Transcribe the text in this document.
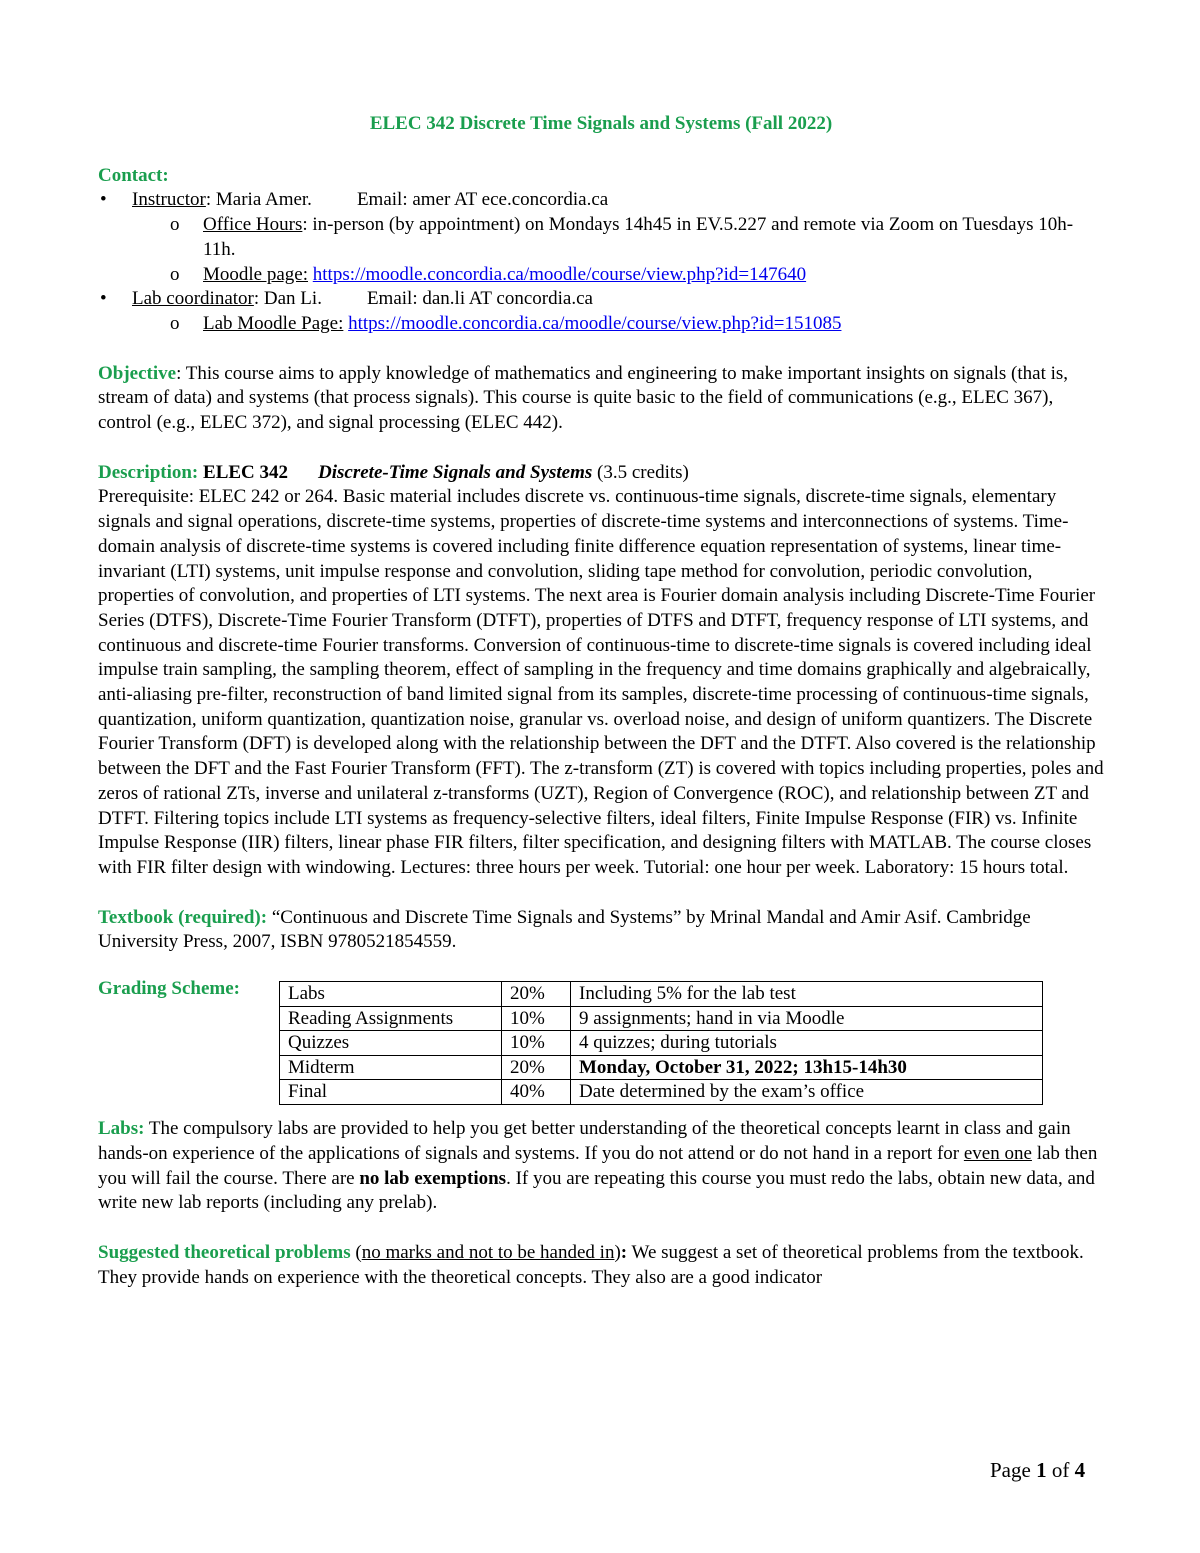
ELEC 342 Discrete Time Signals and Systems (Fall 2022)
Contact:
• Instructor: Maria Amer. Email: amer AT ece.concordia.ca
o Office Hours: in-person (by appointment) on Mondays 14h45 in EV.5.227 and remote via Zoom on Tuesdays 10h-11h.
o Moodle page: https://moodle.concordia.ca/moodle/course/view.php?id=147640
• Lab coordinator: Dan Li. Email: dan.li AT concordia.ca
o Lab Moodle Page: https://moodle.concordia.ca/moodle/course/view.php?id=151085

Objective: This course aims to apply knowledge of mathematics and engineering to make important insights on signals (that is, stream of data) and systems (that process signals). This course is quite basic to the field of communications (e.g., ELEC 367), control (e.g., ELEC 372), and signal processing (ELEC 442).

Description: ELEC 342 Discrete-Time Signals and Systems (3.5 credits)
Prerequisite: ELEC 242 or 264. Basic material includes discrete vs. continuous-time signals, discrete-time signals, elementary signals and signal operations, discrete-time systems, properties of discrete-time systems and interconnections of systems. Time-domain analysis of discrete-time systems is covered including finite difference equation representation of systems, linear time-invariant (LTI) systems, unit impulse response and convolution, sliding tape method for convolution, periodic convolution, properties of convolution, and properties of LTI systems. The next area is Fourier domain analysis including Discrete-Time Fourier Series (DTFS), Discrete-Time Fourier Transform (DTFT), properties of DTFS and DTFT, frequency response of LTI systems, and continuous and discrete-time Fourier transforms. Conversion of continuous-time to discrete-time signals is covered including ideal impulse train sampling, the sampling theorem, effect of sampling in the frequency and time domains graphically and algebraically, anti-aliasing pre-filter, reconstruction of band limited signal from its samples, discrete-time processing of continuous-time signals, quantization, uniform quantization, quantization noise, granular vs. overload noise, and design of uniform quantizers. The Discrete Fourier Transform (DFT) is developed along with the relationship between the DFT and the DTFT. Also covered is the relationship between the DFT and the Fast Fourier Transform (FFT). The z-transform (ZT) is covered with topics including properties, poles and zeros of rational ZTs, inverse and unilateral z-transforms (UZT), Region of Convergence (ROC), and relationship between ZT and DTFT. Filtering topics include LTI systems as frequency-selective filters, ideal filters, Finite Impulse Response (FIR) vs. Infinite Impulse Response (IIR) filters, linear phase FIR filters, filter specification, and designing filters with MATLAB. The course closes with FIR filter design with windowing. Lectures: three hours per week. Tutorial: one hour per week. Laboratory: 15 hours total.

Textbook (required): “Continuous and Discrete Time Signals and Systems” by Mrinal Mandal and Amir Asif. Cambridge University Press, 2007, ISBN 9780521854559.

Grading Scheme:	Labs	20%	Including 5% for the lab test
Reading Assignments	10%	9 assignments; hand in via Moodle
Quizzes	10%	4 quizzes; during tutorials
Midterm	20%	Monday, October 31, 2022; 13h15-14h30
Final	40%	Date determined by the exam’s office

Labs: The compulsory labs are provided to help you get better understanding of the theoretical concepts learnt in class and gain hands-on experience of the applications of signals and systems. If you do not attend or do not hand in a report for even one lab then you will fail the course. There are no lab exemptions. If you are repeating this course you must redo the labs, obtain new data, and write new lab reports (including any prelab).

Suggested theoretical problems (no marks and not to be handed in): We suggest a set of theoretical problems from the textbook. They provide hands on experience with the theoretical concepts. They also are a good indicator

Page 1 of 4
